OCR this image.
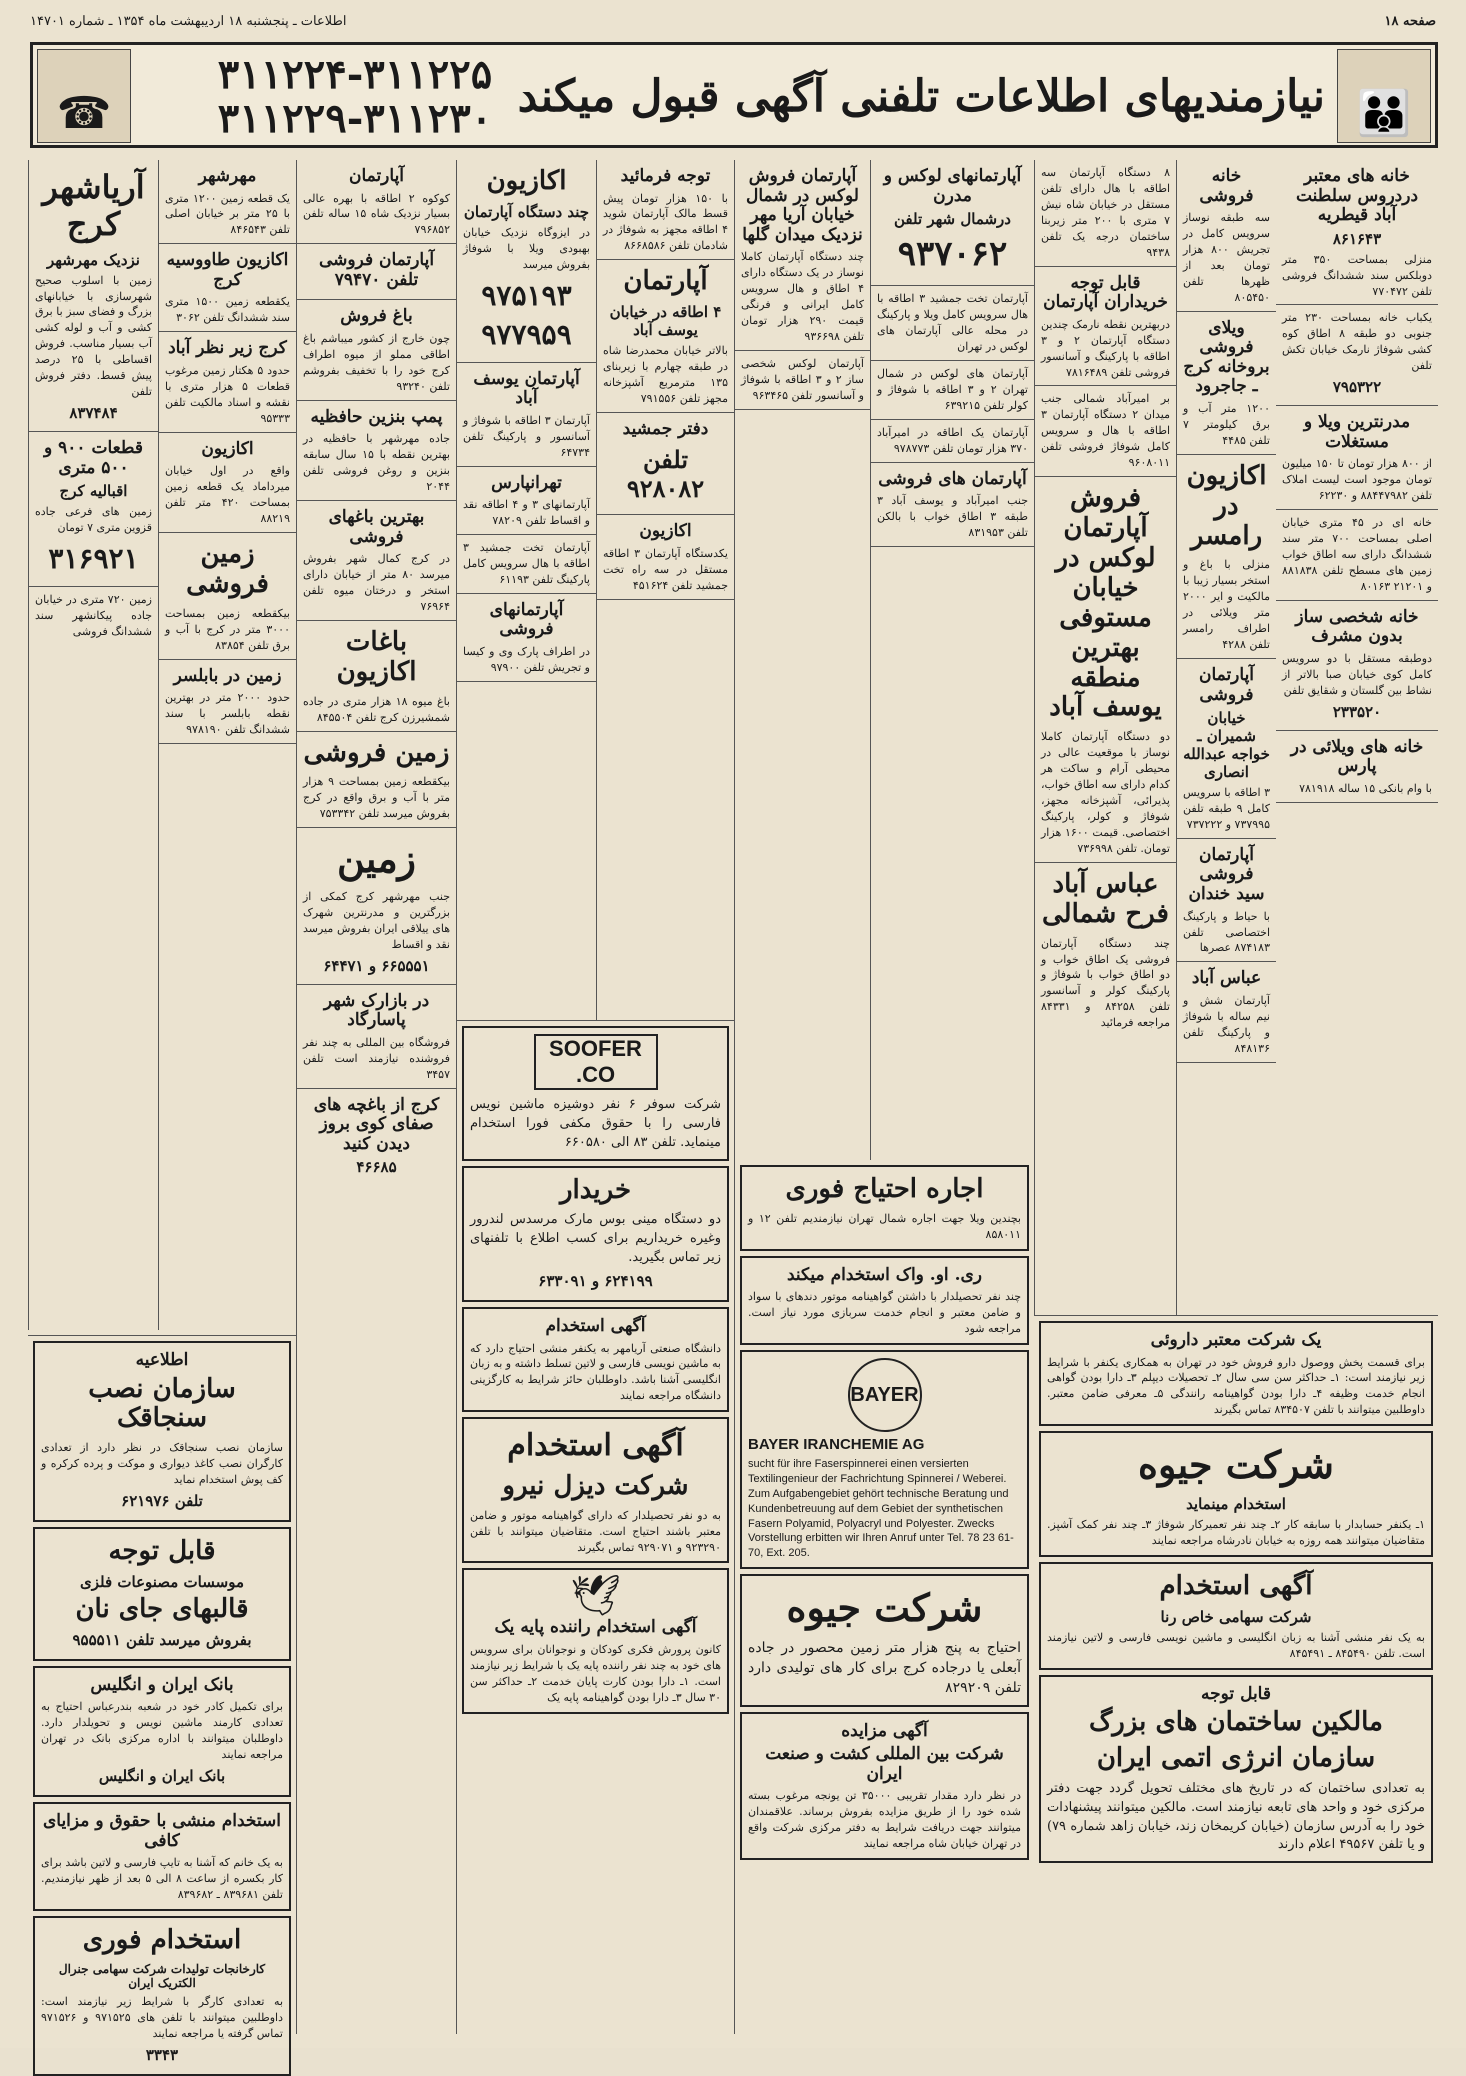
صفحه ۱۸
اطلاعات ـ پنجشنبه ۱۸ اردیبهشت ماه ۱۳۵۴ ـ شماره ۱۴۷۰۱
👪
☎	نیازمندیهای اطلاعات تلفنی آگهی قبول میکند
۳۱۱۲۲۴-۳۱۱۲۲۵
۳۱۱۲۲۹-۳۱۱۲۳۰
خانه های معتبر دردروس سلطنت آباد قیطریه
۸۶۱۶۴۳

منزلی بمساحت ۳۵۰ متر دوبلکس سند ششدانگ فروشی تلفن ۷۷۰۴۷۲

یکباب خانه بمساحت ۲۳۰ متر جنوبی دو طبقه ۸ اطاق کوه کشی شوفاژ نارمک خیابان تکش تلفن

۷۹۵۳۲۲
مدرنترین ویلا و مستغلات

از ۸۰۰ هزار تومان تا ۱۵۰ میلیون تومان موجود است لیست املاک تلفن ۸۸۴۴۷۹۸۲ و ۶۲۲۳۰

خانه ای در ۴۵ متری خیابان اصلی بمساحت ۷۰۰ متر سند ششدانگ دارای سه اطاق خواب زمین های مسطح تلفن ۸۸۱۸۳۸ و ۲۱۲۰۱ ۸۰۱۶۳

خانه شخصی ساز بدون مشرف

دوطبقه مستقل با دو سرویس کامل کوی خیابان صبا بالاتر از نشاط بین گلستان و شقایق تلفن

۲۳۳۵۲۰
خانه های ویلائی در پارس

با وام بانکی ۱۵ ساله ۷۸۱۹۱۸

خانه فروشی

سه طبقه نوساز سرویس کامل در تجریش ۸۰۰ هزار تومان بعد از ظهرها تلفن ۸۰۵۴۵۰

ویلای فروشی بروخانه کرج ـ جاجرود

۱۲۰۰ متر آب و برق کیلومتر ۷ تلفن ۴۴۸۵

اکازیون در رامسر

منزلی با باغ و استخر بسیار زیبا با مالکیت و ایر ۲۰۰۰ متر ویلائی در اطراف رامسر تلفن ۴۲۸۸

آپارتمان فروشی
خیابان شمیران ـ خواجه عبدالله انصاری

۳ اطاقه با سرویس کامل ۹ طبقه تلفن ۷۳۷۹۹۵ و ۷۳۷۲۲۲

آپارتمان فروشی سید خندان

با حیاط و پارکینگ اختصاصی تلفن ۸۷۴۱۸۳ عصرها

عباس آباد

آپارتمان شش و نیم ساله با شوفاژ و پارکینگ تلفن ۸۴۸۱۳۶

۸ دستگاه آپارتمان سه اطاقه با هال دارای تلفن مستقل در خیابان شاه نیش ۷ متری با ۲۰۰ متر زیربنا ساختمان درجه یک تلفن ۹۴۳۸

قابل توجه خریداران آپارتمان

دربهترین نقطه نارمک چندین دستگاه آپارتمان ۲ و ۳ اطاقه با پارکینگ و آسانسور فروشی تلفن ۷۸۱۶۴۸۹

بر امیرآباد شمالی جنب میدان ۲ دستگاه آپارتمان ۳ اطاقه با هال و سرویس کامل شوفاژ فروشی تلفن ۹۶۰۸۰۱۱

فروش آپارتمان لوکس در خیابان مستوفی بهترین منطقه یوسف آباد

دو دستگاه آپارتمان کاملا نوساز با موقعیت عالی در محیطی آرام و ساکت هر کدام دارای سه اطاق خواب، پذیرائی، آشپزخانه مجهز، شوفاژ و کولر، پارکینگ اختصاصی. قیمت ۱۶۰۰ هزار تومان. تلفن ۷۳۶۹۹۸

عباس آباد فرح شمالی

چند دستگاه آپارتمان فروشی یک اطاق خواب و دو اطاق خواب با شوفاژ و پارکینگ کولر و آسانسور تلفن ۸۴۲۵۸ و ۸۴۳۳۱ مراجعه فرمائید

یک شرکت معتبر داروئی

برای قسمت پخش ووصول دارو فروش خود در تهران به همکاری یکنفر با شرایط زیر نیازمند است: ۱ـ حداکثر سن سی سال ۲ـ تحصیلات دیپلم ۳ـ دارا بودن گواهی انجام خدمت وظیفه ۴ـ دارا بودن گواهینامه رانندگی ۵ـ معرفی ضامن معتبر. داوطلبین میتوانند با تلفن ۸۳۴۵۰۷ تماس بگیرند

شرکت جیوه
استخدام مینماید

۱ـ یکنفر حسابدار با سابقه کار ۲ـ چند نفر تعمیرکار شوفاژ ۳ـ چند نفر کمک آشپز. متقاضیان میتوانند همه روزه به خیابان نادرشاه مراجعه نمایند

آگهی استخدام
شرکت سهامی خاص رنا

به یک نفر منشی آشنا به زبان انگلیسی و ماشین نویسی فارسی و لاتین نیازمند است. تلفن ۸۴۵۴۹۰ ـ ۸۴۵۴۹۱

قابل توجه
مالکین ساختمان های بزرگ
سازمان انرژی اتمی ایران

به تعدادی ساختمان که در تاریخ های مختلف تحویل گردد جهت دفتر مرکزی خود و واحد های تابعه نیازمند است. مالکین میتوانند پیشنهادات خود را به آدرس سازمان (خیابان کریمخان زند، خیابان زاهد شماره ۷۹) و یا تلفن ۴۹۵۶۷ اعلام دارند

آپارتمانهای لوکس و مدرن
درشمال شهر تلفن
۹۳۷۰۶۲

آپارتمان تخت جمشید ۳ اطاقه با هال سرویس کامل ویلا و پارکینگ در محله عالی آپارتمان های لوکس در تهران

آپارتمان های لوکس در شمال تهران ۲ و ۳ اطاقه با شوفاژ و کولر تلفن ۶۳۹۲۱۵

آپارتمان یک اطاقه در امیرآباد ۳۷۰ هزار تومان تلفن ۹۷۸۷۷۳

آپارتمان های فروشی

جنب امیرآباد و یوسف آباد ۳ طبقه ۳ اطاق خواب با بالکن تلفن ۸۳۱۹۵۳

آپارتمان فروش لوکس در شمال خیابان آریا مهر نزدیک میدان گلها

چند دستگاه آپارتمان کاملا نوساز در یک دستگاه دارای ۴ اطاق و هال سرویس کامل ایرانی و فرنگی قیمت ۲۹۰ هزار تومان تلفن ۹۳۶۶۹۸

آپارتمان لوکس شخصی ساز ۲ و ۳ اطاقه با شوفاژ و آسانسور تلفن ۹۶۳۴۶۵

اجاره احتیاج فوری

بچندین ویلا جهت اجاره شمال تهران نیازمندیم تلفن ۱۲ و ۸۵۸۰۱۱

ری. او. واک استخدام میکند

چند نفر تحصیلدار با داشتن گواهینامه موتور دندهای با سواد و ضامن معتبر و انجام خدمت سربازی مورد نیاز است. مراجعه شود

BAYER
BAYER IRANCHEMIE AG

sucht für ihre Faserspinnerei einen versierten Textilingenieur der Fachrichtung Spinnerei / Weberei. Zum Aufgabengebiet gehört technische Beratung und Kundenbetreuung auf dem Gebiet der synthetischen Fasern Polyamid, Polyacryl und Polyester. Zwecks Vorstellung erbitten wir Ihren Anruf unter Tel. 78 23 61-70, Ext. 205.

شرکت جیوه

احتیاج به پنج هزار متر زمین محصور در جاده آبعلی یا درجاده کرج برای کار های تولیدی دارد تلفن ۸۲۹۲۰۹

آگهی مزایده
شرکت بین المللی کشت و صنعت ایران

در نظر دارد مقدار تقریبی ۳۵۰۰۰ تن یونجه مرغوب بسته شده خود را از طریق مزایده بفروش برساند. علاقمندان میتوانند جهت دریافت شرایط به دفتر مرکزی شرکت واقع در تهران خیابان شاه مراجعه نمایند

توجه فرمائید

با ۱۵۰ هزار تومان پیش قسط مالک آپارتمان شوید ۴ اطاقه مجهز به شوفاژ در شادمان تلفن ۸۶۶۸۵۸۶

آپارتمان
۴ اطاقه در خیابان یوسف آباد

بالاتر خیابان محمدرضا شاه در طبقه چهارم با زیربنای ۱۳۵ مترمربع آشپزخانه مجهز تلفن ۷۹۱۵۵۶

دفتر جمشید
تلفن ۹۲۸۰۸۲
اکازیون

یکدستگاه آپارتمان ۳ اطاقه مستقل در سه راه تخت جمشید تلفن ۴۵۱۶۲۴

اکازیون
چند دستگاه آپارتمان

در ایزوگاه نزدیک خیابان بهبودی ویلا با شوفاژ بفروش میرسد

۹۷۵۱۹۳
۹۷۷۹۵۹
آپارتمان یوسف آباد

آپارتمان ۳ اطاقه با شوفاژ و آسانسور و پارکینگ تلفن ۶۴۷۳۴

تهرانپارس

آپارتمانهای ۳ و ۴ اطاقه نقد و اقساط تلفن ۷۸۲۰۹

آپارتمان تخت جمشید ۳ اطاقه با هال سرویس کامل پارکینگ تلفن ۶۱۱۹۳

آپارتمانهای فروشی

در اطراف پارک وی و کیسا و تجریش تلفن ۹۷۹۰۰

SOOFER CO.

شرکت سوفر ۶ نفر دوشیزه ماشین نویس فارسی را با حقوق مکفی فورا استخدام مینماید. تلفن ۸۳ الی ۶۶۰۵۸۰

خریدار

دو دستگاه مینی بوس مارک مرسدس لندرور وغیره خریداریم برای کسب اطلاع با تلفنهای زیر تماس بگیرید.

۶۲۴۱۹۹ و ۶۳۳۰۹۱
آگهی استخدام

دانشگاه صنعتی آریامهر به یکنفر منشی احتیاج دارد که به ماشین نویسی فارسی و لاتین تسلط داشته و به زبان انگلیسی آشنا باشد. داوطلبان حائز شرایط به کارگزینی دانشگاه مراجعه نمایند

آگهی استخدام
شرکت دیزل نیرو

به دو نفر تحصیلدار که دارای گواهینامه موتور و ضامن معتبر باشند احتیاج است. متقاضیان میتوانند با تلفن ۹۲۳۲۹۰ و ۹۲۹۰۷۱ تماس بگیرند

🕊
آگهی استخدام راننده پایه یک

کانون پرورش فکری کودکان و نوجوانان برای سرویس های خود به چند نفر راننده پایه یک با شرایط زیر نیازمند است. ۱ـ دارا بودن کارت پایان خدمت ۲ـ حداکثر سن ۳۰ سال ۳ـ دارا بودن گواهینامه پایه یک

آپارتمان

کوکوه ۲ اطاقه با بهره عالی بسیار نزدیک شاه ۱۵ ساله تلفن ۷۹۶۸۵۲

آپارتمان فروشی تلفن ۷۹۴۷۰
باغ فروش

چون خارج از کشور میباشم باغ اطاقی مملو از میوه اطراف کرج خود را با تخفیف بفروشم تلفن ۹۳۲۴۰

پمپ بنزین حافظیه

جاده مهرشهر با حافظیه در بهترین نقطه با ۱۵ سال سابقه بنزین و روغن فروشی تلفن ۲۰۴۴

بهترین باغهای فروشی

در کرج کمال شهر بفروش میرسد ۸۰ متر از خیابان دارای استخر و درختان میوه تلفن ۷۶۹۶۴

باغات اکازیون

باغ میوه ۱۸ هزار متری در جاده شمشیرزن کرج تلفن ۸۴۵۵۰۴

زمین فروشی

بیکقطعه زمین بمساحت ۹ هزار متر با آب و برق واقع در کرج بفروش میرسد تلفن ۷۵۳۳۴۲

زمین

جنب مهرشهر کرج کمکی از بزرگترین و مدرنترین شهرک های ییلاقی ایران بفروش میرسد نقد و اقساط

۶۶۵۵۵۱ و ۶۴۴۷۱
در بازارک شهر پاسارگاد

فروشگاه بین المللی به چند نفر فروشنده نیازمند است تلفن ۳۴۵۷

کرج از باغچه های صفای کوی بروز دیدن کنید
۴۶۶۸۵
مهرشهر

یک قطعه زمین ۱۲۰۰ متری با ۲۵ متر بر خیابان اصلی تلفن ۸۴۶۵۴۳

اکازیون طاووسیه کرج

یکقطعه زمین ۱۵۰۰ متری سند ششدانگ تلفن ۳۰۶۲

کرج زیر نظر آباد

حدود ۵ هکتار زمین مرغوب قطعات ۵ هزار متری با نقشه و اسناد مالکیت تلفن ۹۵۳۳۳

اکازیون

واقع در اول خیابان میرداماد یک قطعه زمین بمساحت ۴۲۰ متر تلفن ۸۸۲۱۹

زمین فروشی

بیکقطعه زمین بمساحت ۳۰۰۰ متر در کرج با آب و برق تلفن ۸۳۸۵۴

زمین در بابلسر

حدود ۲۰۰۰ متر در بهترین نقطه بابلسر با سند ششدانگ تلفن ۹۷۸۱۹۰

آریاشهر کرج
نزدیک مهرشهر

زمین با اسلوب صحیح شهرسازی با خیابانهای بزرگ و فضای سبز با برق کشی و آب و لوله کشی آب بسیار مناسب. فروش اقساطی با ۲۵ درصد پیش قسط. دفتر فروش تلفن

۸۳۷۴۸۴
قطعات ۹۰۰ و ۵۰۰ متری
اقبالیه کرج

زمین های فرعی جاده قزوین متری ۷ تومان

۳۱۶۹۲۱

زمین ۷۲۰ متری در خیابان جاده پیکانشهر سند ششدانگ فروشی

اطلاعیه
سازمان نصب سنجاقک

سازمان نصب سنجاقک در نظر دارد از تعدادی کارگران نصب کاغذ دیواری و موکت و پرده کرکره و کف پوش استخدام نماید

تلفن ۶۲۱۹۷۶
قابل توجه
موسسات مصنوعات فلزی
قالبهای جای نان
بفروش میرسد تلفن ۹۵۵۵۱۱
بانک ایران و انگلیس

برای تکمیل کادر خود در شعبه بندرعباس احتیاج به تعدادی کارمند ماشین نویس و تحویلدار دارد. داوطلبان میتوانند با اداره مرکزی بانک در تهران مراجعه نمایند

بانک ایران و انگلیس
استخدام منشی با حقوق و مزایای کافی

به یک خانم که آشنا به تایپ فارسی و لاتین باشد برای کار بکسره از ساعت ۸ الی ۵ بعد از ظهر نیازمندیم. تلفن ۸۳۹۶۸۱ ـ ۸۳۹۶۸۲

استخدام فوری
کارخانجات تولیدات شرکت سهامی جنرال الکتریک ایران

به تعدادی کارگر با شرایط زیر نیازمند است: داوطلبین میتوانند با تلفن های ۹۷۱۵۲۵ و ۹۷۱۵۲۶ تماس گرفته یا مراجعه نمایند

۳۳۴۳
